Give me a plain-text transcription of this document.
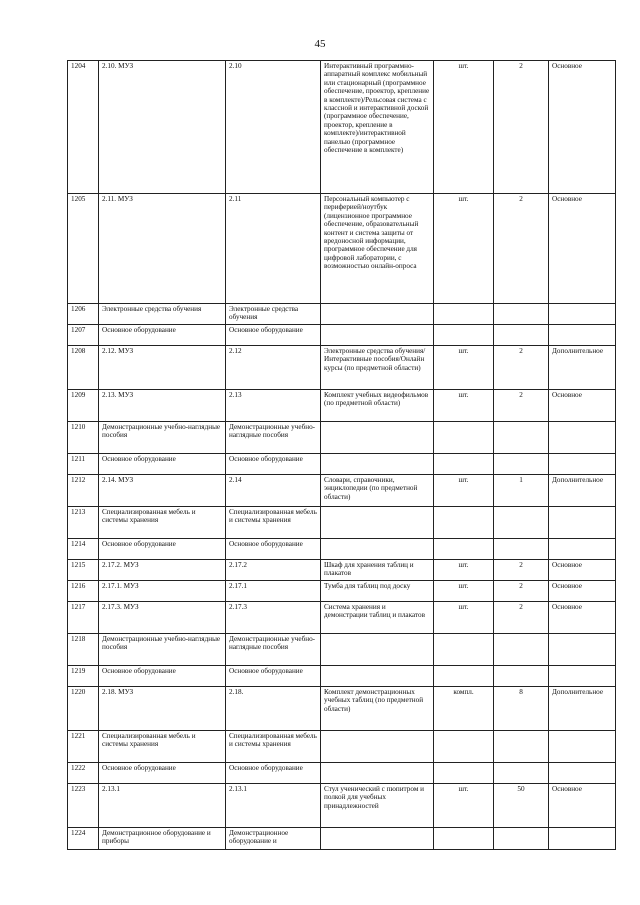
45
1204	2.10. МУЗ	2.10	Интерактивный программно-аппаратный комплекс мобильный или стационарный (программное обеспечение, проектор, крепление в комплекте)/Рельсовая система с классной и интерактивной доской (программное обеспечение, проектор, крепление в комплекте)/интерактивной панелью (программное обеспечение в комплекте)	шт.	2	Основное
1205	2.11. МУЗ	2.11	Персональный компьютер с периферией/ноутбук (лицензионное программное обеспечение, образовательный контент и система защиты от вредоносной информации, программное обеспечение для цифровой лаборатории, с возможностью онлайн-опроса	шт.	2	Основное
1206	Электронные средства обучения	Электронные средства обучения				
1207	Основное оборудование	Основное оборудование				
1208	2.12. МУЗ	2.12	Электронные средства обучения/Интерактивные пособия/Онлайн курсы (по предметной области)	шт.	2	Дополнительное
1209	2.13. МУЗ	2.13	Комплект учебных видеофильмов (по предметной области)	шт.	2	Основное
1210	Демонстрационные учебно-наглядные пособия	Демонстрационные учебно-наглядные пособия				
1211	Основное оборудование	Основное оборудование				
1212	2.14. МУЗ	2.14	Словари, справочники, энциклопедии (по предметной области)	шт.	1	Дополнительное
1213	Специализированная мебель и системы хранения	Специализированная мебель и системы хранения				
1214	Основное оборудование	Основное оборудование				
1215	2.17.2. МУЗ	2.17.2	Шкаф для хранения таблиц и плакатов	шт.	2	Основное
1216	2.17.1. МУЗ	2.17.1	Тумба для таблиц под доску	шт.	2	Основное
1217	2.17.3. МУЗ	2.17.3	Система хранения и демонстрации таблиц и плакатов	шт.	2	Основное
1218	Демонстрационные учебно-наглядные пособия	Демонстрационные учебно-наглядные пособия				
1219	Основное оборудование	Основное оборудование				
1220	2.18. МУЗ	2.18.	Комплект демонстрационных учебных таблиц (по предметной области)	компл.	8	Дополнительное
1221	Специализированная мебель и системы хранения	Специализированная мебель и системы хранения				
1222	Основное оборудование	Основное оборудование				
1223	2.13.1	2.13.1	Стул ученический с пюпитром и полкой для учебных принадлежностей	шт.	50	Основное
1224	Демонстрационное оборудование и приборы	Демонстрационное оборудование и				
